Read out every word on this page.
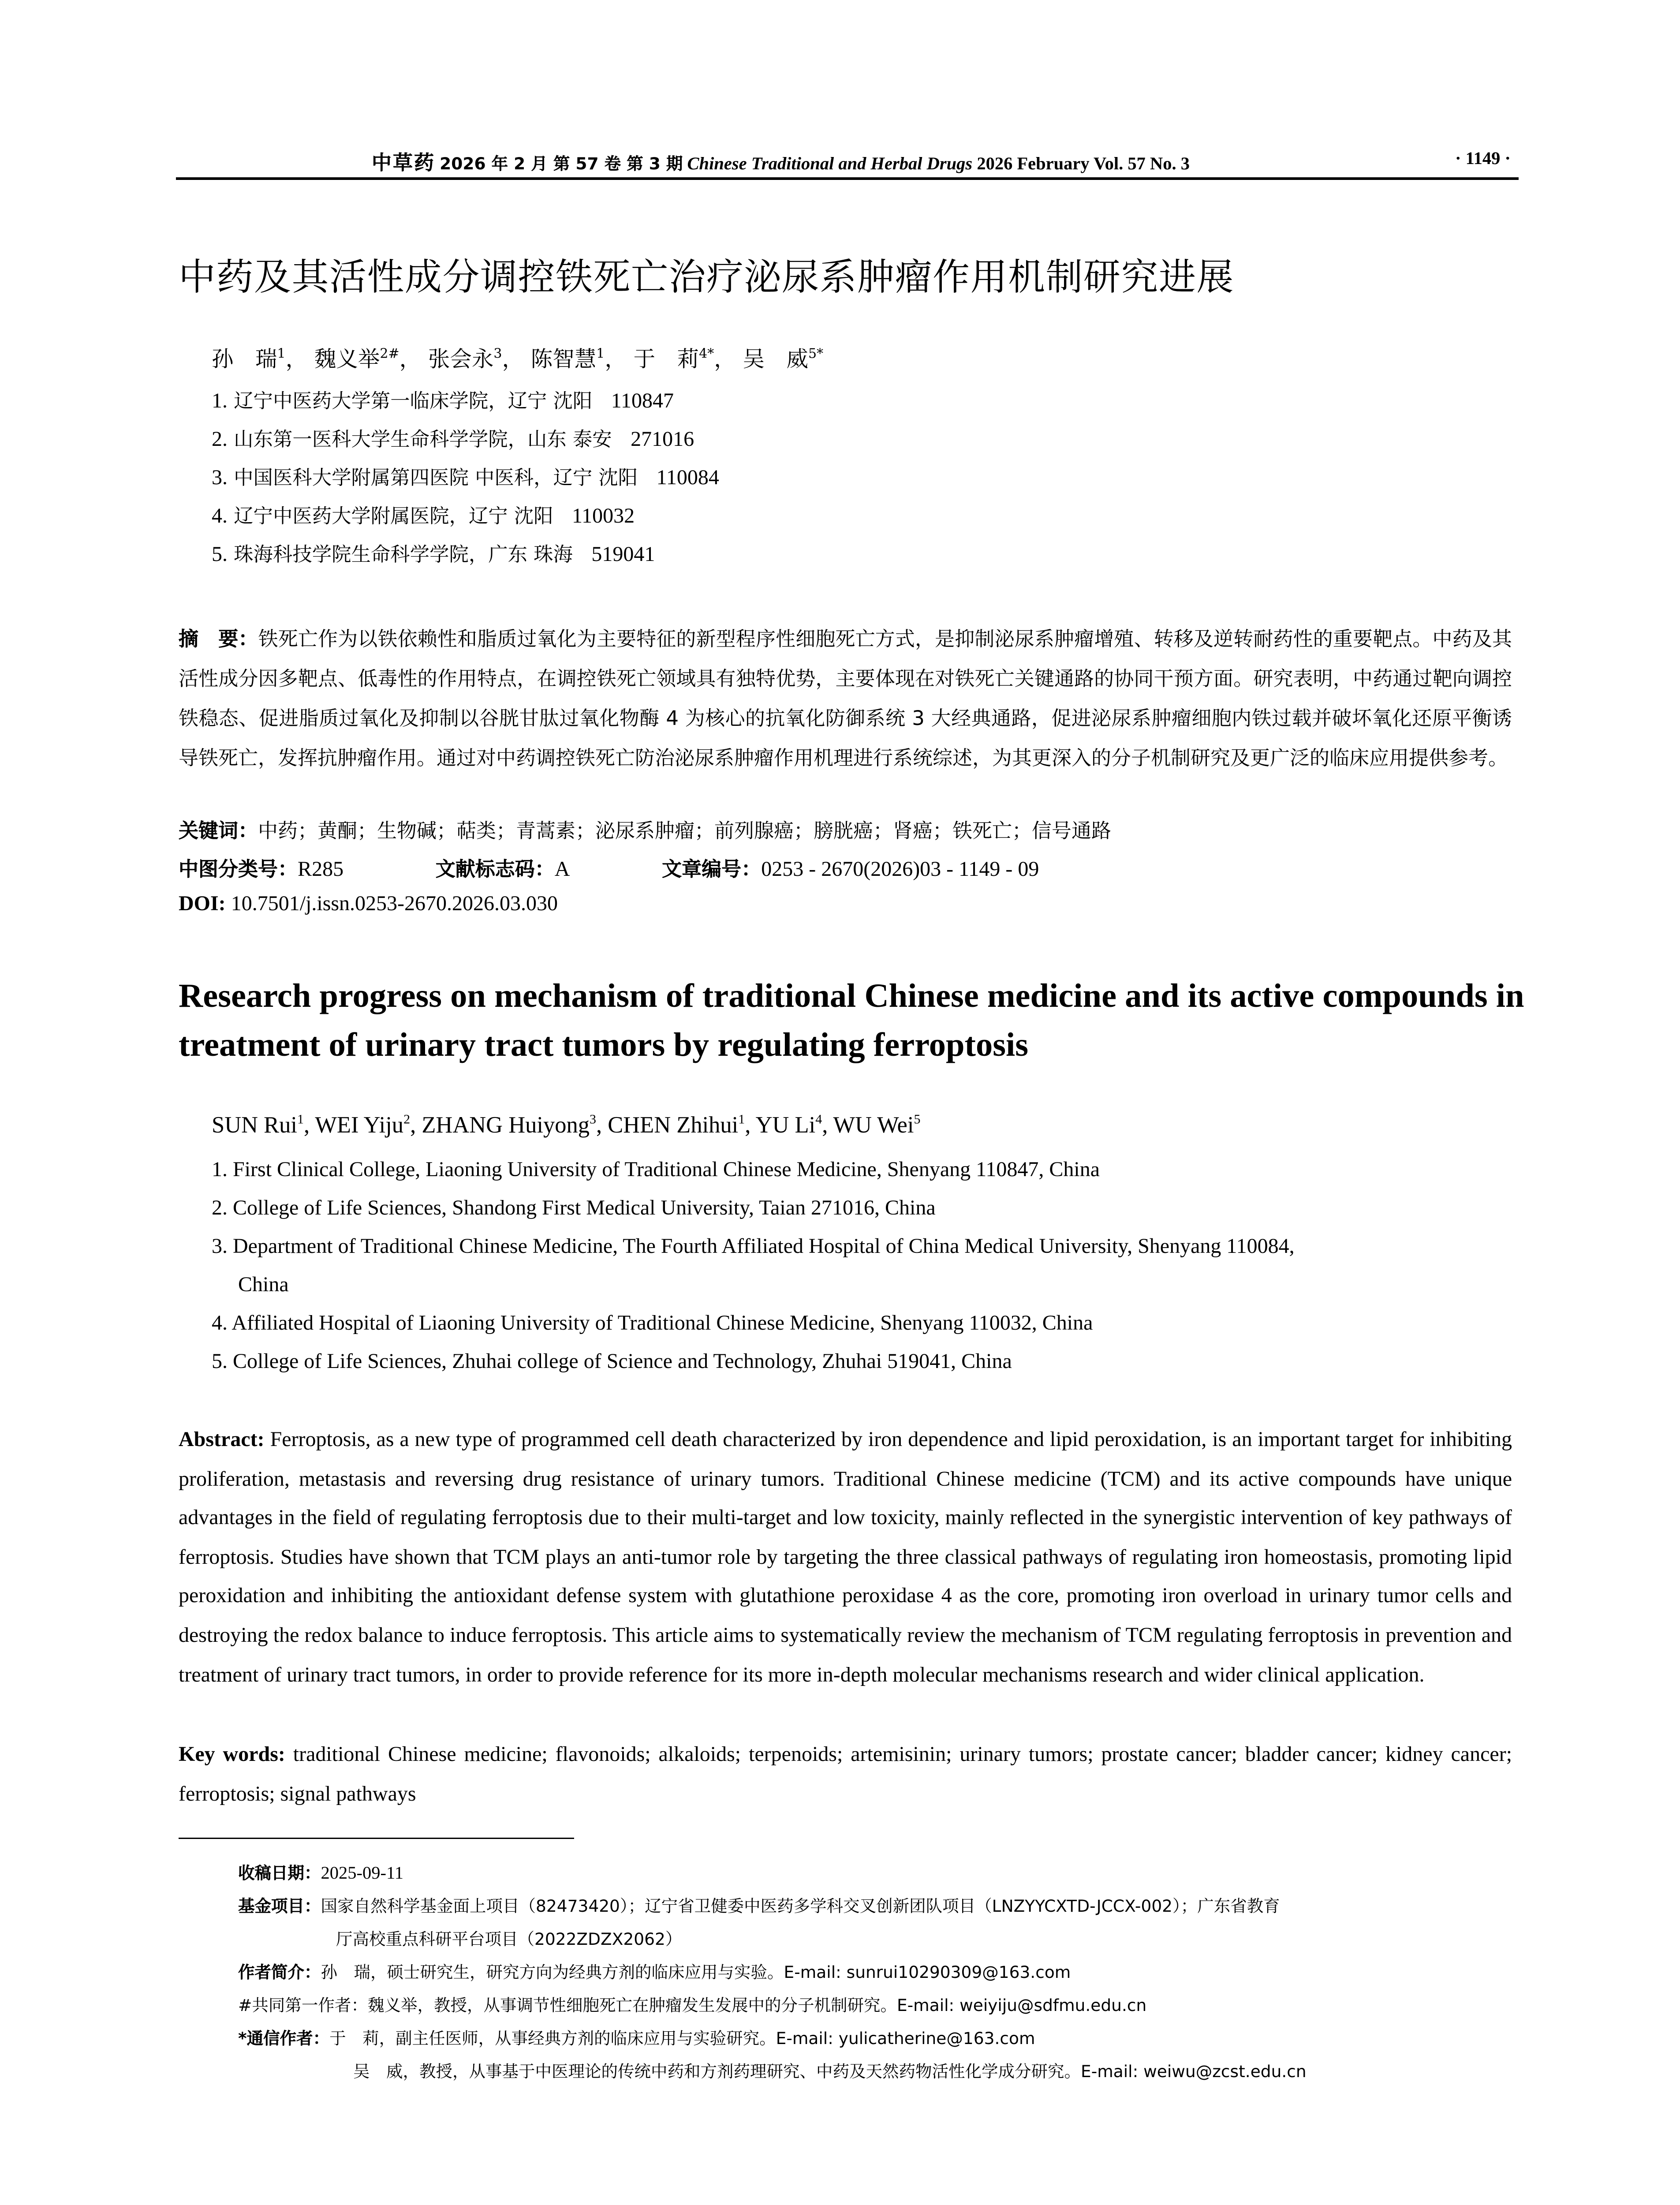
中草药 2026 年 2 月 第 57 卷 第 3 期 Chinese Traditional and Herbal Drugs 2026 February Vol. 57 No. 3	· 1149 ·
中药及其活性成分调控铁死亡治疗泌尿系肿瘤作用机制研究进展
孙　瑞$^1$， 魏义举$^{2\#}$， 张会永$^3$， 陈智慧$^1$， 于　莉$^{4*}$， 吴　威$^{5*}$
1. 辽宁中医药大学第一临床学院，辽宁 沈阳	110847
2. 山东第一医科大学生命科学学院，山东 泰安	271016
3. 中国医科大学附属第四医院 中医科，辽宁 沈阳	110084
4. 辽宁中医药大学附属医院，辽宁 沈阳	110032
5. 珠海科技学院生命科学学院，广东 珠海	519041
摘　要：铁死亡作为以铁依赖性和脂质过氧化为主要特征的新型程序性细胞死亡方式，是抑制泌尿系肿瘤增殖、转移及逆转耐药性的重要靶点。中药及其活性成分因多靶点、低毒性的作用特点，在调控铁死亡领域具有独特优势，主要体现在对铁死亡关键通路的协同干预方面。研究表明，中药通过靶向调控铁稳态、促进脂质过氧化及抑制以谷胱甘肽过氧化物酶 4 为核心的抗氧化防御系统 3 大经典通路，促进泌尿系肿瘤细胞内铁过载并破坏氧化还原平衡诱导铁死亡，发挥抗肿瘤作用。通过对中药调控铁死亡防治泌尿系肿瘤作用机理进行系统综述，为其更深入的分子机制研究及更广泛的临床应用提供参考。
关键词：中药；黄酮；生物碱；萜类；青蒿素；泌尿系肿瘤；前列腺癌；膀胱癌；肾癌；铁死亡；信号通路
中图分类号：R285	文献标志码：A	文章编号：0253 - 2670(2026)03 - 1149 - 09
DOI: 10.7501/j.issn.0253-2670.2026.03.030
Research progress on mechanism of traditional Chinese medicine and its active compounds in treatment of urinary tract tumors by regulating ferroptosis
SUN Rui$^1$, WEI Yiju$^2$, ZHANG Huiyong$^3$, CHEN Zhihui$^1$, YU Li$^4$, WU Wei$^5$
1. First Clinical College, Liaoning University of Traditional Chinese Medicine, Shenyang 110847, China
2. College of Life Sciences, Shandong First Medical University, Taian 271016, China
3. Department of Traditional Chinese Medicine, The Fourth Affiliated Hospital of China Medical University, Shenyang 110084,
China
4. Affiliated Hospital of Liaoning University of Traditional Chinese Medicine, Shenyang 110032, China
5. College of Life Sciences, Zhuhai college of Science and Technology, Zhuhai 519041, China
Abstract: Ferroptosis, as a new type of programmed cell death characterized by iron dependence and lipid peroxidation, is an important target for inhibiting proliferation, metastasis and reversing drug resistance of urinary tumors. Traditional Chinese medicine (TCM) and its active compounds have unique advantages in the field of regulating ferroptosis due to their multi-target and low toxicity, mainly reflected in the synergistic intervention of key pathways of ferroptosis. Studies have shown that TCM plays an anti-tumor role by targeting the three classical pathways of regulating iron homeostasis, promoting lipid peroxidation and inhibiting the antioxidant defense system with glutathione peroxidase 4 as the core, promoting iron overload in urinary tumor cells and destroying the redox balance to induce ferroptosis. This article aims to systematically review the mechanism of TCM regulating ferroptosis in prevention and treatment of urinary tract tumors, in order to provide reference for its more in-depth molecular mechanisms research and wider clinical application.
Key words: traditional Chinese medicine; flavonoids; alkaloids; terpenoids; artemisinin; urinary tumors; prostate cancer; bladder cancer; kidney cancer; ferroptosis; signal pathways
收稿日期：2025-09-11
基金项目：国家自然科学基金面上项目（82473420）；辽宁省卫健委中医药多学科交叉创新团队项目（LNZYYCXTD-JCCX-002）；广东省教育
厅高校重点科研平台项目（2022ZDZX2062）
作者简介：孙　瑞，硕士研究生，研究方向为经典方剂的临床应用与实验。E-mail: sunrui10290309@163.com
#共同第一作者：魏义举，教授，从事调节性细胞死亡在肿瘤发生发展中的分子机制研究。E-mail: weiyiju@sdfmu.edu.cn
*通信作者：于　莉，副主任医师，从事经典方剂的临床应用与实验研究。E-mail: yulicatherine@163.com
吴　威，教授，从事基于中医理论的传统中药和方剂药理研究、中药及天然药物活性化学成分研究。E-mail: weiwu@zcst.edu.cn
